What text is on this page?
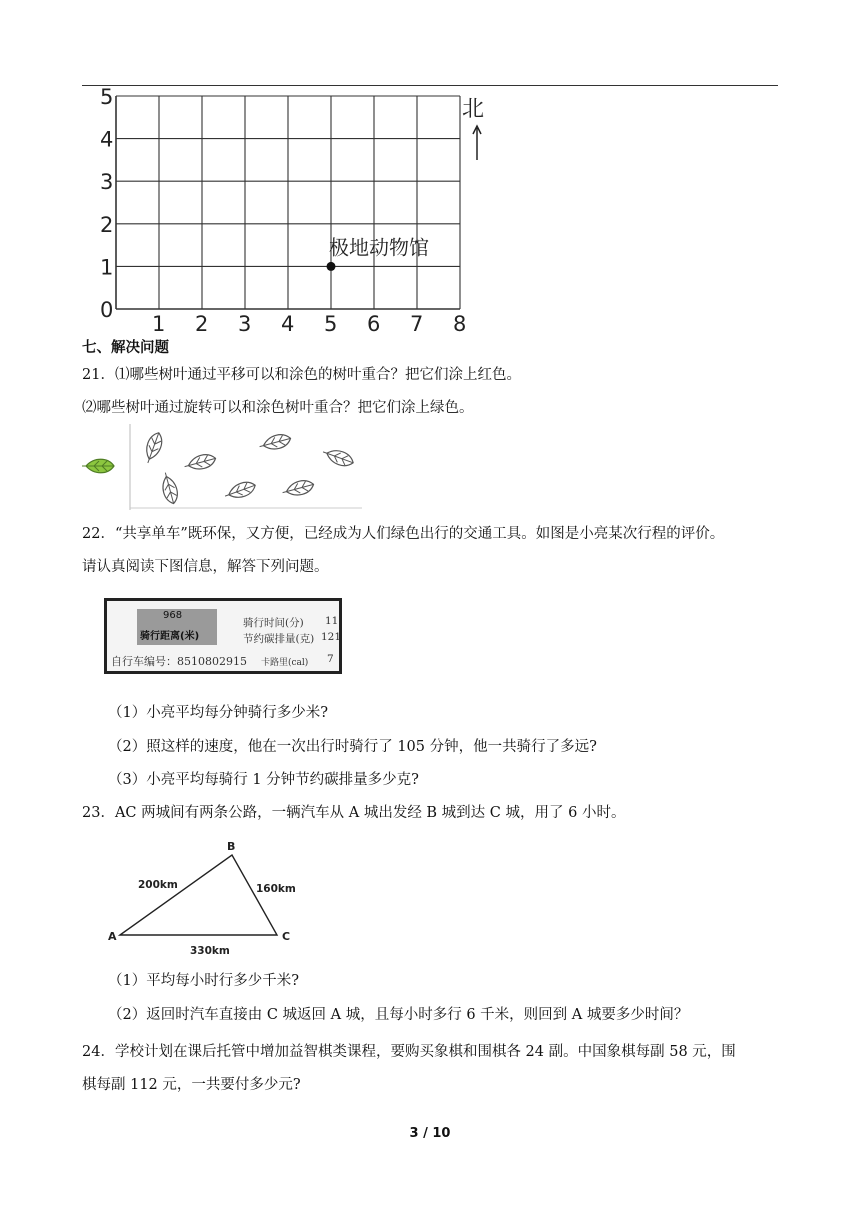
0
1
2
3
4
5
1 2 3 4 5 6 7 8
北
极地动物馆
七、解决问题
21．⑴哪些树叶通过平移可以和涂色的树叶重合？把它们涂上红色。
⑵哪些树叶通过旋转可以和涂色树叶重合？把它们涂上绿色。
22．“共享单车”既环保，又方便，已经成为人们绿色出行的交通工具。如图是小亮某次行程的评价。
请认真阅读下图信息，解答下列问题。
968
骑行距离(米)
骑行时间(分) 11
节约碳排量(克) 121
自行车编号：8510802915 卡路里(cal) 7
（1）小亮平均每分钟骑行多少米?
（2）照这样的速度，他在一次出行时骑行了 105 分钟，他一共骑行了多远?
（3）小亮平均每骑行 1 分钟节约碳排量多少克?
23．AC 两城间有两条公路，一辆汽车从 A 城出发经 B 城到达 C 城，用了 6 小时。
A
B
C
200km	160km
330km
（1）平均每小时行多少千米?
（2）返回时汽车直接由 C 城返回 A 城，且每小时多行 6 千米，则回到 A 城要多少时间？
24．学校计划在课后托管中增加益智棋类课程，要购买象棋和围棋各 24 副。中国象棋每副 58 元，围
棋每副 112 元，一共要付多少元?
3 / 10
